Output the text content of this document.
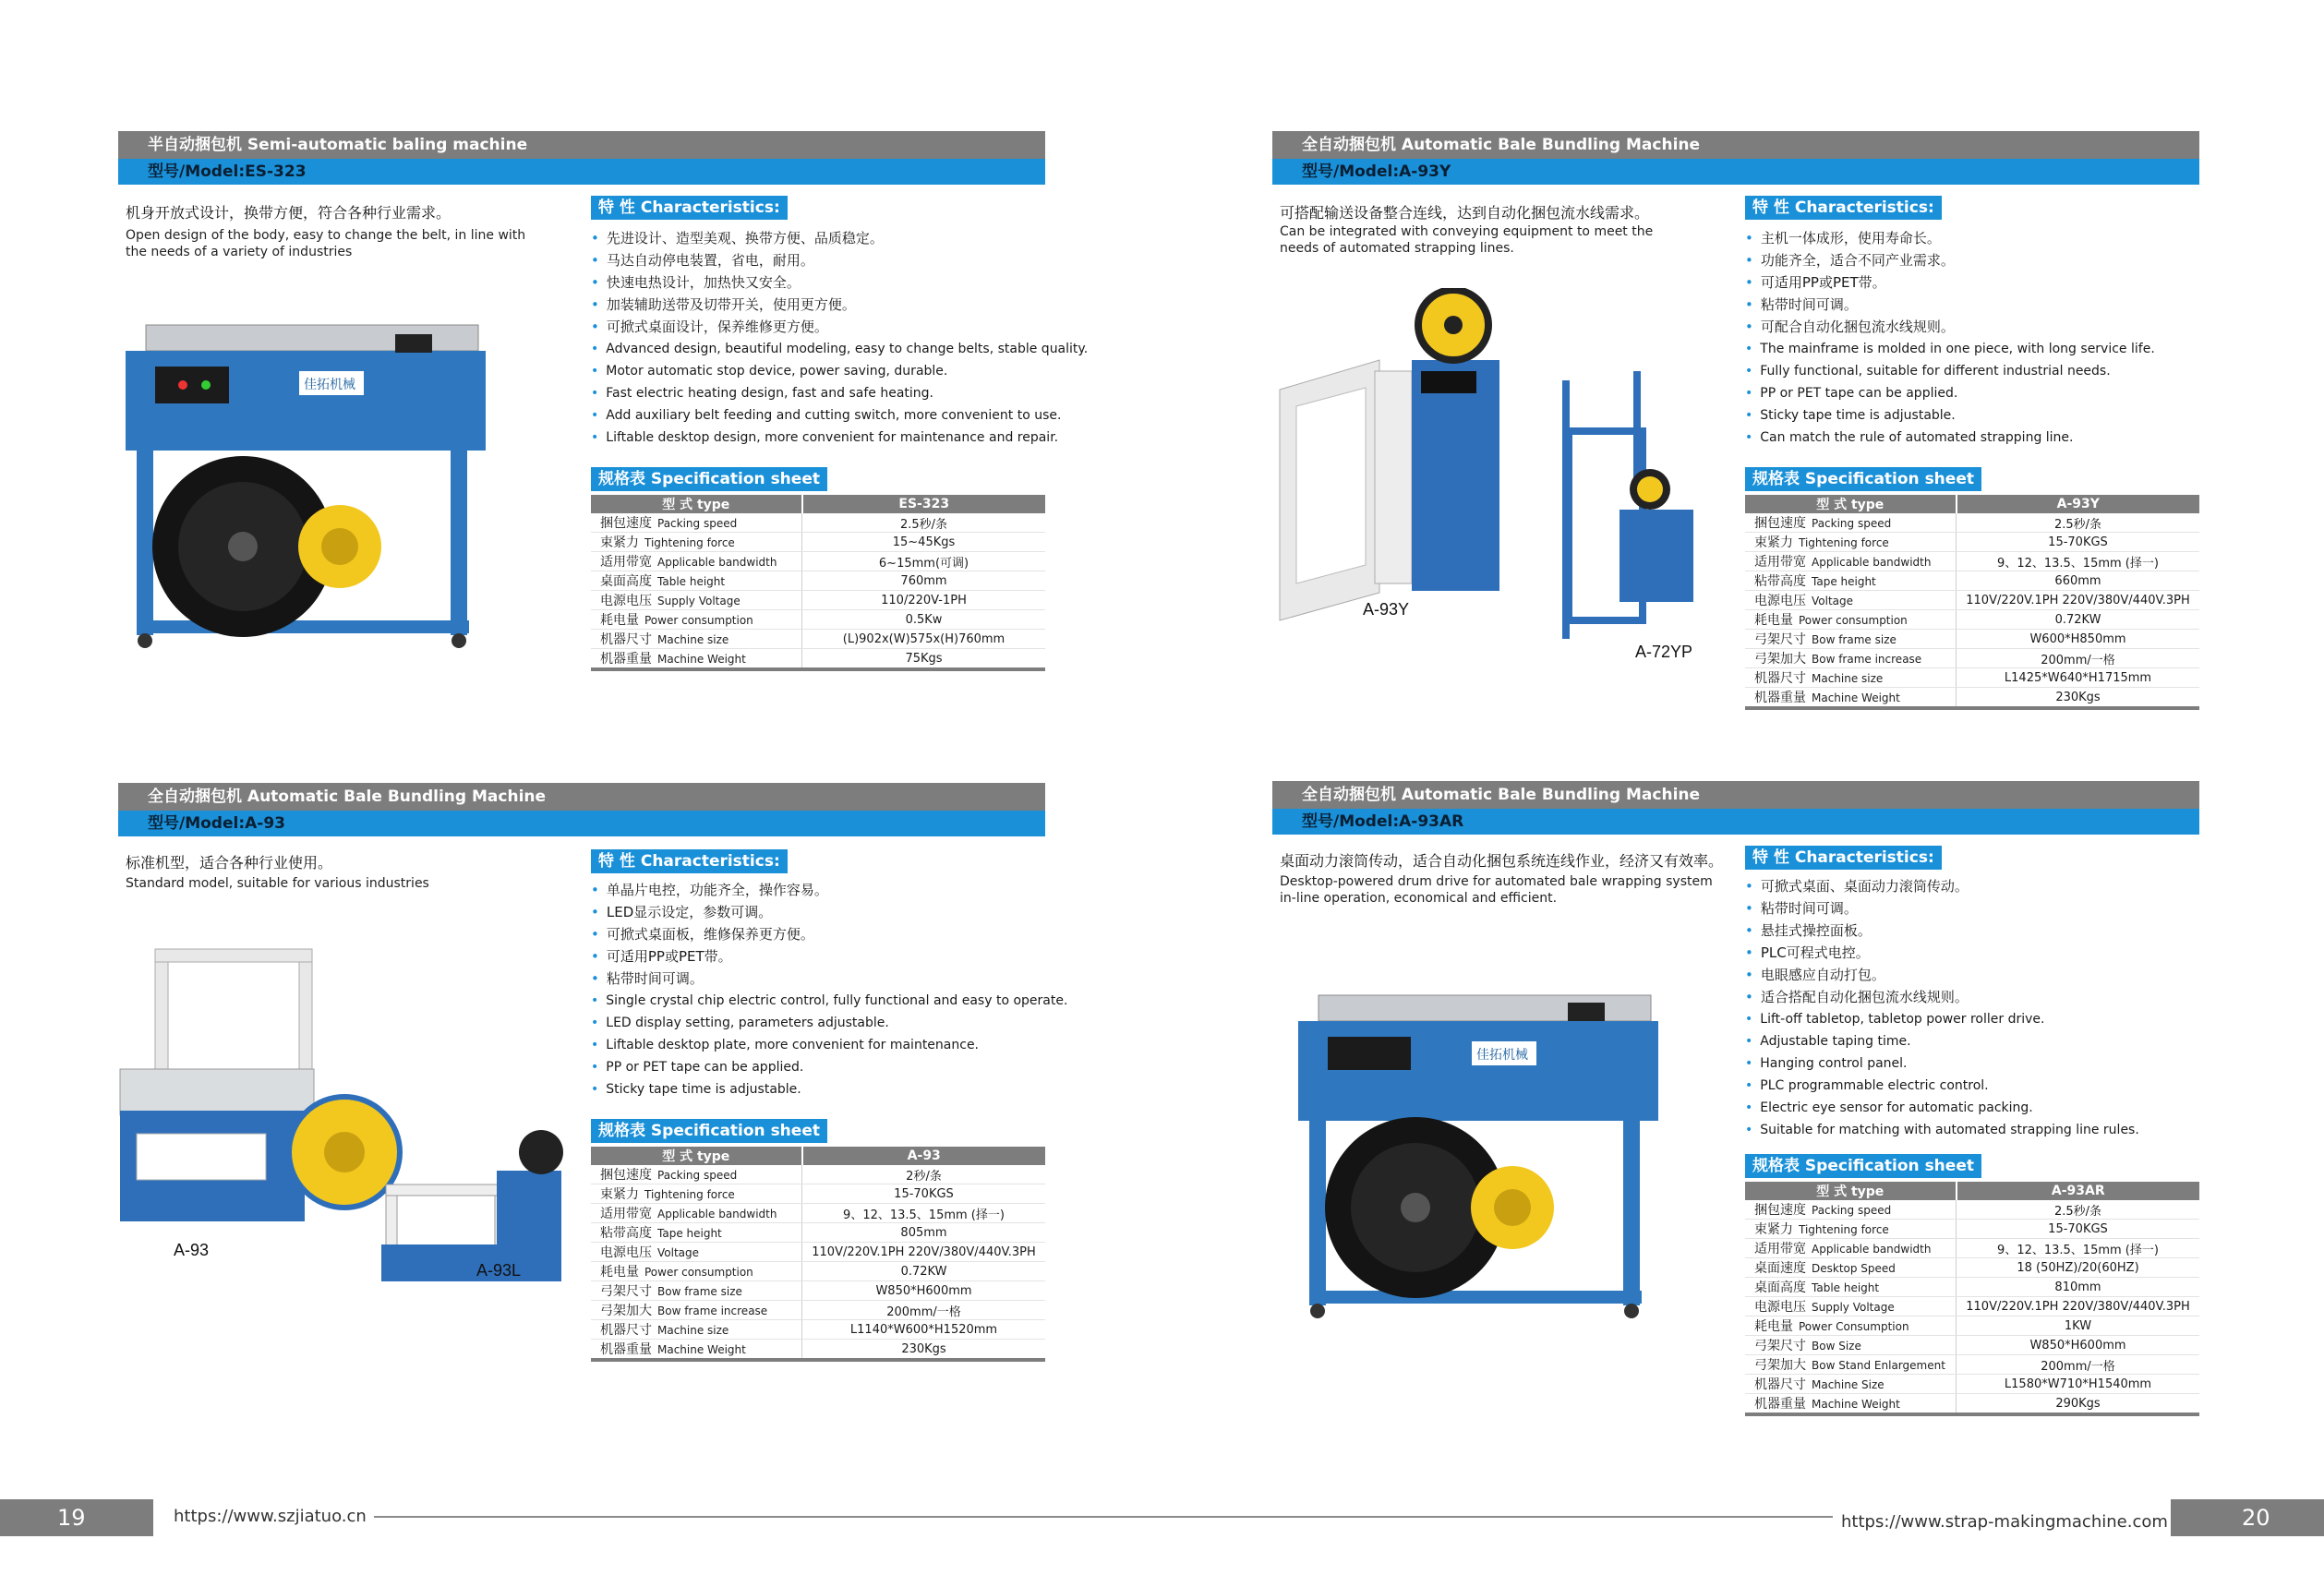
半自动捆包机 Semi-automatic baling machine
型号/Model:ES-323
机身开放式设计，换带方便，符合各种行业需求。
Open design of the body, easy to change the belt, in line with the needs of a variety of industries
佳拓机械
特 性 Characteristics:
• 先进设计、造型美观、换带方便、品质稳定。
• 马达自动停电装置，省电，耐用。
• 快速电热设计，加热快又安全。
• 加装辅助送带及切带开关，使用更方便。
• 可掀式桌面设计，保养维修更方便。
• Advanced design, beautiful modeling, easy to change belts, stable quality.
• Motor automatic stop device, power saving, durable.
• Fast electric heating design, fast and safe heating.
• Add auxiliary belt feeding and cutting switch, more convenient to use.
• Liftable desktop design, more convenient for maintenance and repair.
规格表 Specification sheet
型 式 type	ES-323
捆包速度 Packing speed	2.5秒/条
束紧力 Tightening force	15~45Kgs
适用带宽 Applicable bandwidth	6~15mm(可调)
桌面高度 Table height	760mm
电源电压 Supply Voltage	110/220V-1PH
耗电量 Power consumption	0.5Kw
机器尺寸 Machine size	(L)902x(W)575x(H)760mm
机器重量 Machine Weight	75Kgs
全自动捆包机 Automatic Bale Bundling Machine
型号/Model:A-93Y
可搭配输送设备整合连线，达到自动化捆包流水线需求。
Can be integrated with conveying equipment to meet the needs of automated strapping lines.
A-93Y
A-72YP
特 性 Characteristics:
• 主机一体成形，使用寿命长。
• 功能齐全，适合不同产业需求。
• 可适用PP或PET带。
• 粘带时间可调。
• 可配合自动化捆包流水线规则。
• The mainframe is molded in one piece, with long service life.
• Fully functional, suitable for different industrial needs.
• PP or PET tape can be applied.
• Sticky tape time is adjustable.
• Can match the rule of automated strapping line.
规格表 Specification sheet
型 式 type	A-93Y
捆包速度 Packing speed	2.5秒/条
束紧力 Tightening force	15-70KGS
适用带宽 Applicable bandwidth	9、12、13.5、15mm (择一)
粘带高度 Tape height	660mm
电源电压 Voltage	110V/220V.1PH 220V/380V/440V.3PH
耗电量 Power consumption	0.72KW
弓架尺寸 Bow frame size	W600*H850mm
弓架加大 Bow frame increase	200mm/一格
机器尺寸 Machine size	L1425*W640*H1715mm
机器重量 Machine Weight	230Kgs
全自动捆包机 Automatic Bale Bundling Machine
型号/Model:A-93
标准机型，适合各种行业使用。
Standard model, suitable for various industries
A-93
A-93L
特 性 Characteristics:
• 单晶片电控，功能齐全，操作容易。
• LED显示设定，参数可调。
• 可掀式桌面板，维修保养更方便。
• 可适用PP或PET带。
• 粘带时间可调。
• Single crystal chip electric control, fully functional and easy to operate.
• LED display setting, parameters adjustable.
• Liftable desktop plate, more convenient for maintenance.
• PP or PET tape can be applied.
• Sticky tape time is adjustable.
规格表 Specification sheet
型 式 type	A-93
捆包速度 Packing speed	2秒/条
束紧力 Tightening force	15-70KGS
适用带宽 Applicable bandwidth	9、12、13.5、15mm (择一)
粘带高度 Tape height	805mm
电源电压 Voltage	110V/220V.1PH 220V/380V/440V.3PH
耗电量 Power consumption	0.72KW
弓架尺寸 Bow frame size	W850*H600mm
弓架加大 Bow frame increase	200mm/一格
机器尺寸 Machine size	L1140*W600*H1520mm
机器重量 Machine Weight	230Kgs
全自动捆包机 Automatic Bale Bundling Machine
型号/Model:A-93AR
桌面动力滚筒传动，适合自动化捆包系统连线作业，经济又有效率。
Desktop-powered drum drive for automated bale wrapping system in-line operation, economical and efficient.
佳拓机械
特 性 Characteristics:
• 可掀式桌面、桌面动力滚筒传动。
• 粘带时间可调。
• 悬挂式操控面板。
• PLC可程式电控。
• 电眼感应自动打包。
• 适合搭配自动化捆包流水线规则。
• Lift-off tabletop, tabletop power roller drive.
• Adjustable taping time.
• Hanging control panel.
• PLC programmable electric control.
• Electric eye sensor for automatic packing.
• Suitable for matching with automated strapping line rules.
规格表 Specification sheet
型 式 type	A-93AR
捆包速度 Packing speed	2.5秒/条
束紧力 Tightening force	15-70KGS
适用带宽 Applicable bandwidth	9、12、13.5、15mm (择一)
桌面速度 Desktop Speed	18 (50HZ)/20(60HZ)
桌面高度 Table height	810mm
电源电压 Supply Voltage	110V/220V.1PH 220V/380V/440V.3PH
耗电量 Power Consumption	1KW
弓架尺寸 Bow Size	W850*H600mm
弓架加大 Bow Stand Enlargement	200mm/一格
机器尺寸 Machine Size	L1580*W710*H1540mm
机器重量 Machine Weight	290Kgs
19	https://www.szjiatuo.cn	https://www.strap-makingmachine.com	20
